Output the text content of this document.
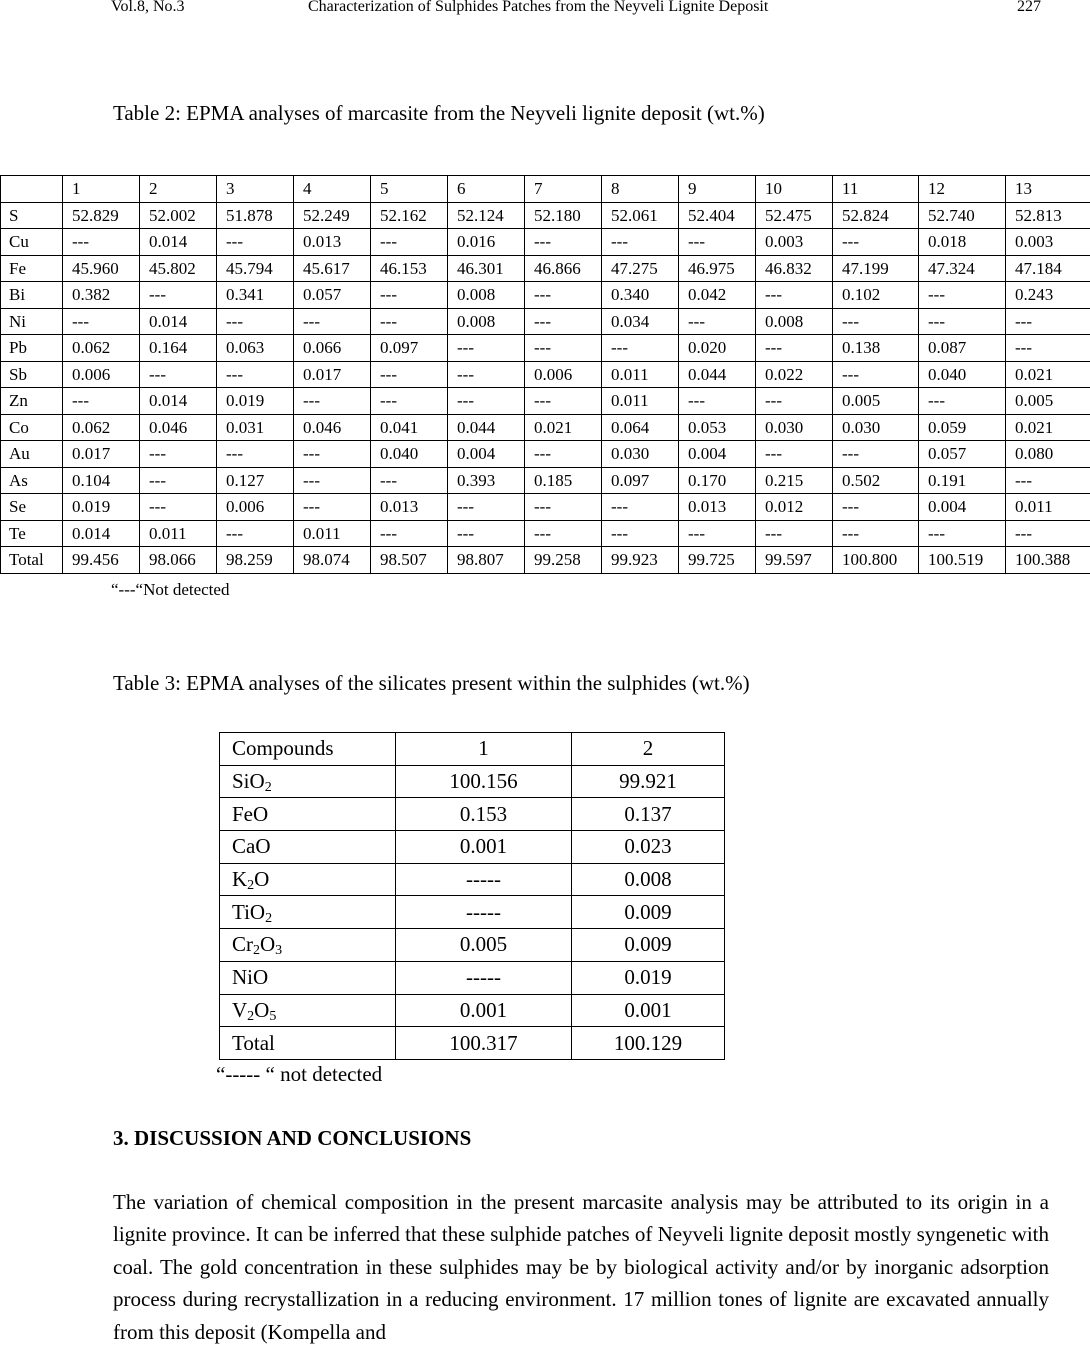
Vol.8, No.3	Characterization of Sulphides Patches from the Neyveli Lignite Deposit	227
Table 2: EPMA analyses of marcasite from the Neyveli lignite deposit (wt.%)
	1	2	3	4	5	6	7	8	9	10	11	12	13
S	52.829	52.002	51.878	52.249	52.162	52.124	52.180	52.061	52.404	52.475	52.824	52.740	52.813
Cu	---	0.014	---	0.013	---	0.016	---	---	---	0.003	---	0.018	0.003
Fe	45.960	45.802	45.794	45.617	46.153	46.301	46.866	47.275	46.975	46.832	47.199	47.324	47.184
Bi	0.382	---	0.341	0.057	---	0.008	---	0.340	0.042	---	0.102	---	0.243
Ni	---	0.014	---	---	---	0.008	---	0.034	---	0.008	---	---	---
Pb	0.062	0.164	0.063	0.066	0.097	---	---	---	0.020	---	0.138	0.087	---
Sb	0.006	---	---	0.017	---	---	0.006	0.011	0.044	0.022	---	0.040	0.021
Zn	---	0.014	0.019	---	---	---	---	0.011	---	---	0.005	---	0.005
Co	0.062	0.046	0.031	0.046	0.041	0.044	0.021	0.064	0.053	0.030	0.030	0.059	0.021
Au	0.017	---	---	---	0.040	0.004	---	0.030	0.004	---	---	0.057	0.080
As	0.104	---	0.127	---	---	0.393	0.185	0.097	0.170	0.215	0.502	0.191	---
Se	0.019	---	0.006	---	0.013	---	---	---	0.013	0.012	---	0.004	0.011
Te	0.014	0.011	---	0.011	---	---	---	---	---	---	---	---	---
Total	99.456	98.066	98.259	98.074	98.507	98.807	99.258	99.923	99.725	99.597	100.800	100.519	100.388
“---“Not detected
Table 3: EPMA analyses of the silicates present within the sulphides (wt.%)
Compounds	1	2
SiO$_2$	100.156	99.921
FeO	0.153	0.137
CaO	0.001	0.023
$K_2O$	-----	0.008
TiO$_2$	-----	0.009
$Cr_2O_3$	0.005	0.009
NiO	-----	0.019
$V_2O_5$	0.001	0.001
Total	100.317	100.129
“----- “ not detected
3. DISCUSSION AND CONCLUSIONS
The variation of chemical composition in the present marcasite analysis may be attributed to its origin in a lignite province. It can be inferred that these sulphide patches of Neyveli lignite deposit mostly syngenetic with coal. The gold concentration in these sulphides may be by biological activity and/or by inorganic adsorption process during recrystallization in a reducing environment. 17 million tones of lignite are excavated annually from this deposit (Kompella and
